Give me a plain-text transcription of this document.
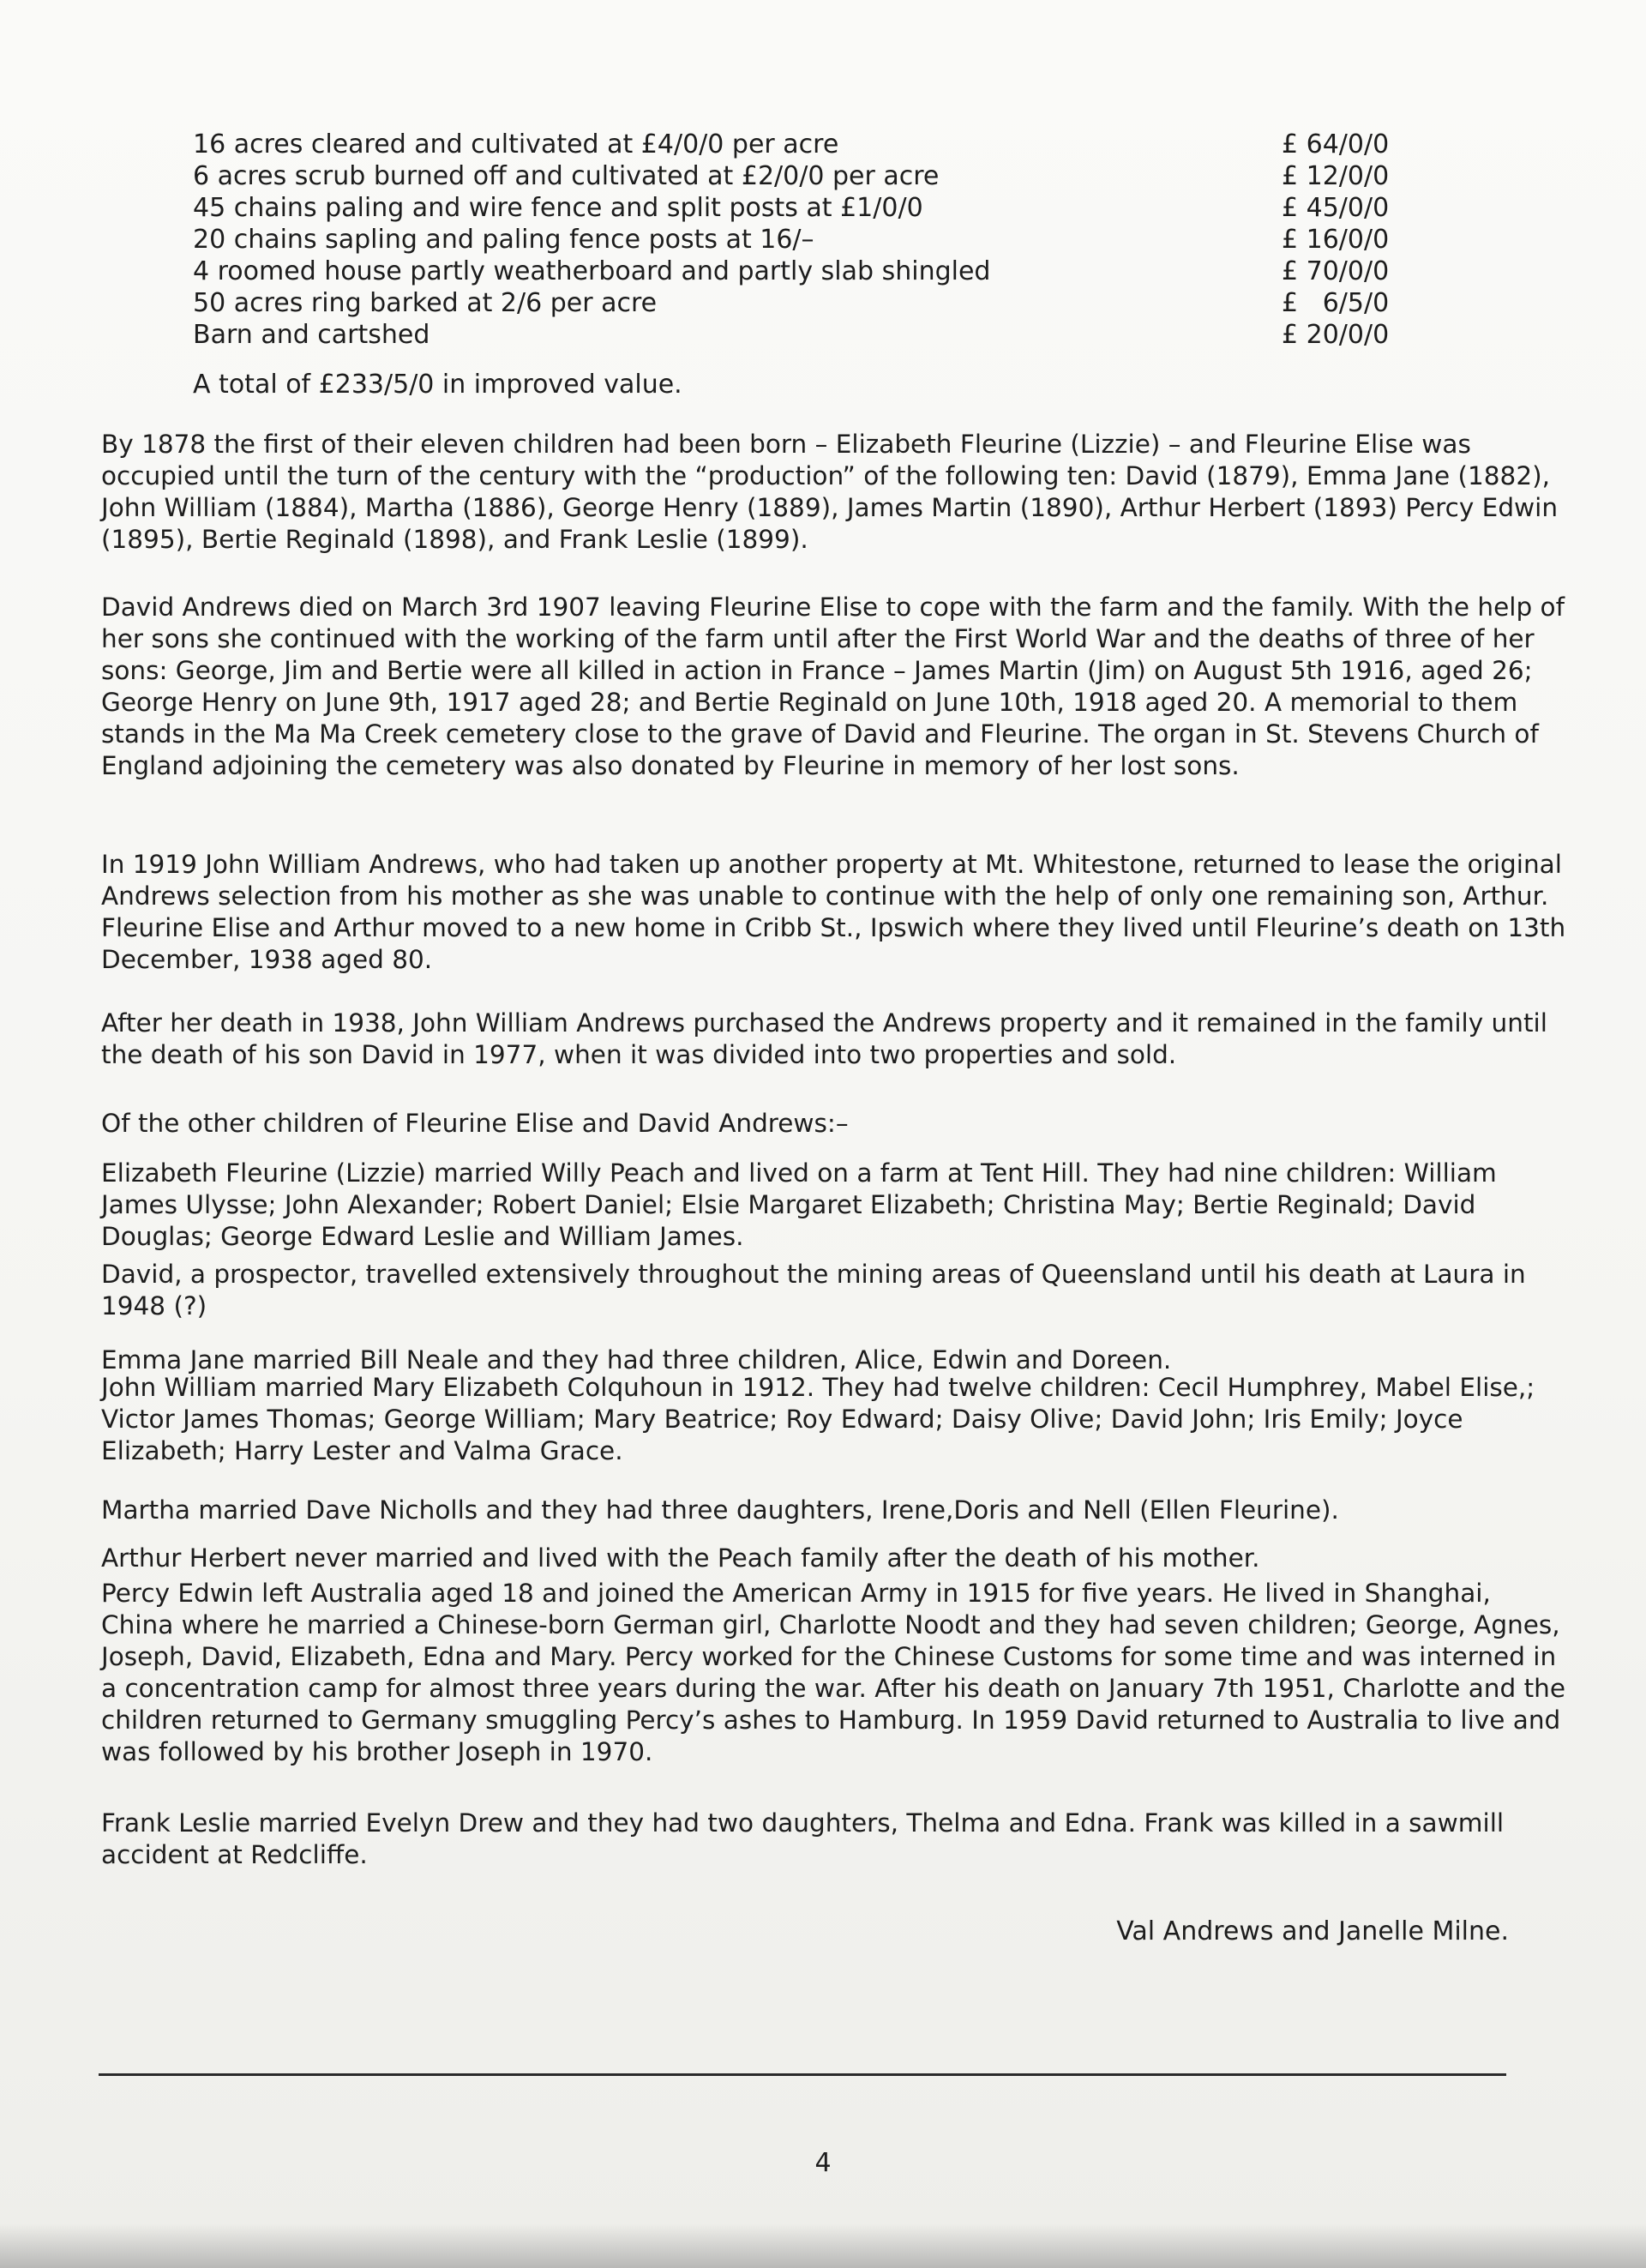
16 acres cleared and cultivated at £4/0/0 per acre	£ 64/0/0
6 acres scrub burned off and cultivated at £2/0/0 per acre	£ 12/0/0
45 chains paling and wire fence and split posts at £1/0/0	£ 45/0/0
20 chains sapling and paling fence posts at 16/–	£ 16/0/0
4 roomed house partly weatherboard and partly slab shingled	£ 70/0/0
50 acres ring barked at 2/6 per acre	£   6/5/0
Barn and cartshed	£ 20/0/0
A total of £233/5/0 in improved value.

By 1878 the first of their eleven children had been born – Elizabeth Fleurine (Lizzie) – and Fleurine Elise was occupied until the turn of the century with the “production” of the following ten: David (1879), Emma Jane (1882), John William (1884), Martha (1886), George Henry (1889), James Martin (1890), Arthur Herbert (1893) Percy Edwin (1895), Bertie Reginald (1898), and Frank Leslie (1899).

David Andrews died on March 3rd 1907 leaving Fleurine Elise to cope with the farm and the family. With the help of her sons she continued with the working of the farm until after the First World War and the deaths of three of her sons: George, Jim and Bertie were all killed in action in France – James Martin (Jim) on August 5th 1916, aged 26; George Henry on June 9th, 1917 aged 28; and Bertie Reginald on June 10th, 1918 aged 20. A memorial to them stands in the Ma Ma Creek cemetery close to the grave of David and Fleurine. The organ in St. Stevens Church of England adjoining the cemetery was also donated by Fleurine in memory of her lost sons.

In 1919 John William Andrews, who had taken up another property at Mt. Whitestone, returned to lease the original Andrews selection from his mother as she was unable to continue with the help of only one remaining son, Arthur. Fleurine Elise and Arthur moved to a new home in Cribb St., Ipswich where they lived until Fleurine’s death on 13th December, 1938 aged 80.

After her death in 1938, John William Andrews purchased the Andrews property and it remained in the family until the death of his son David in 1977, when it was divided into two properties and sold.

Of the other children of Fleurine Elise and David Andrews:–

Elizabeth Fleurine (Lizzie) married Willy Peach and lived on a farm at Tent Hill. They had nine children: William James Ulysse; John Alexander; Robert Daniel; Elsie Margaret Elizabeth; Christina May; Bertie Reginald; David Douglas; George Edward Leslie and William James.

David, a prospector, travelled extensively throughout the mining areas of Queensland until his death at Laura in 1948 (?)

Emma Jane married Bill Neale and they had three children, Alice, Edwin and Doreen.

John William married Mary Elizabeth Colquhoun in 1912. They had twelve children: Cecil Humphrey, Mabel Elise,; Victor James Thomas; George William; Mary Beatrice; Roy Edward; Daisy Olive; David John; Iris Emily; Joyce Elizabeth; Harry Lester and Valma Grace.

Martha married Dave Nicholls and they had three daughters, Irene,Doris and Nell (Ellen Fleurine).

Arthur Herbert never married and lived with the Peach family after the death of his mother.

Percy Edwin left Australia aged 18 and joined the American Army in 1915 for five years. He lived in Shanghai, China where he married a Chinese-born German girl, Charlotte Noodt and they had seven children; George, Agnes, Joseph, David, Elizabeth, Edna and Mary. Percy worked for the Chinese Customs for some time and was interned in a concentration camp for almost three years during the war. After his death on January 7th 1951, Charlotte and the children returned to Germany smuggling Percy’s ashes to Hamburg. In 1959 David returned to Australia to live and was followed by his brother Joseph in 1970.

Frank Leslie married Evelyn Drew and they had two daughters, Thelma and Edna. Frank was killed in a sawmill accident at Redcliffe.

Val Andrews and Janelle Milne.
4
